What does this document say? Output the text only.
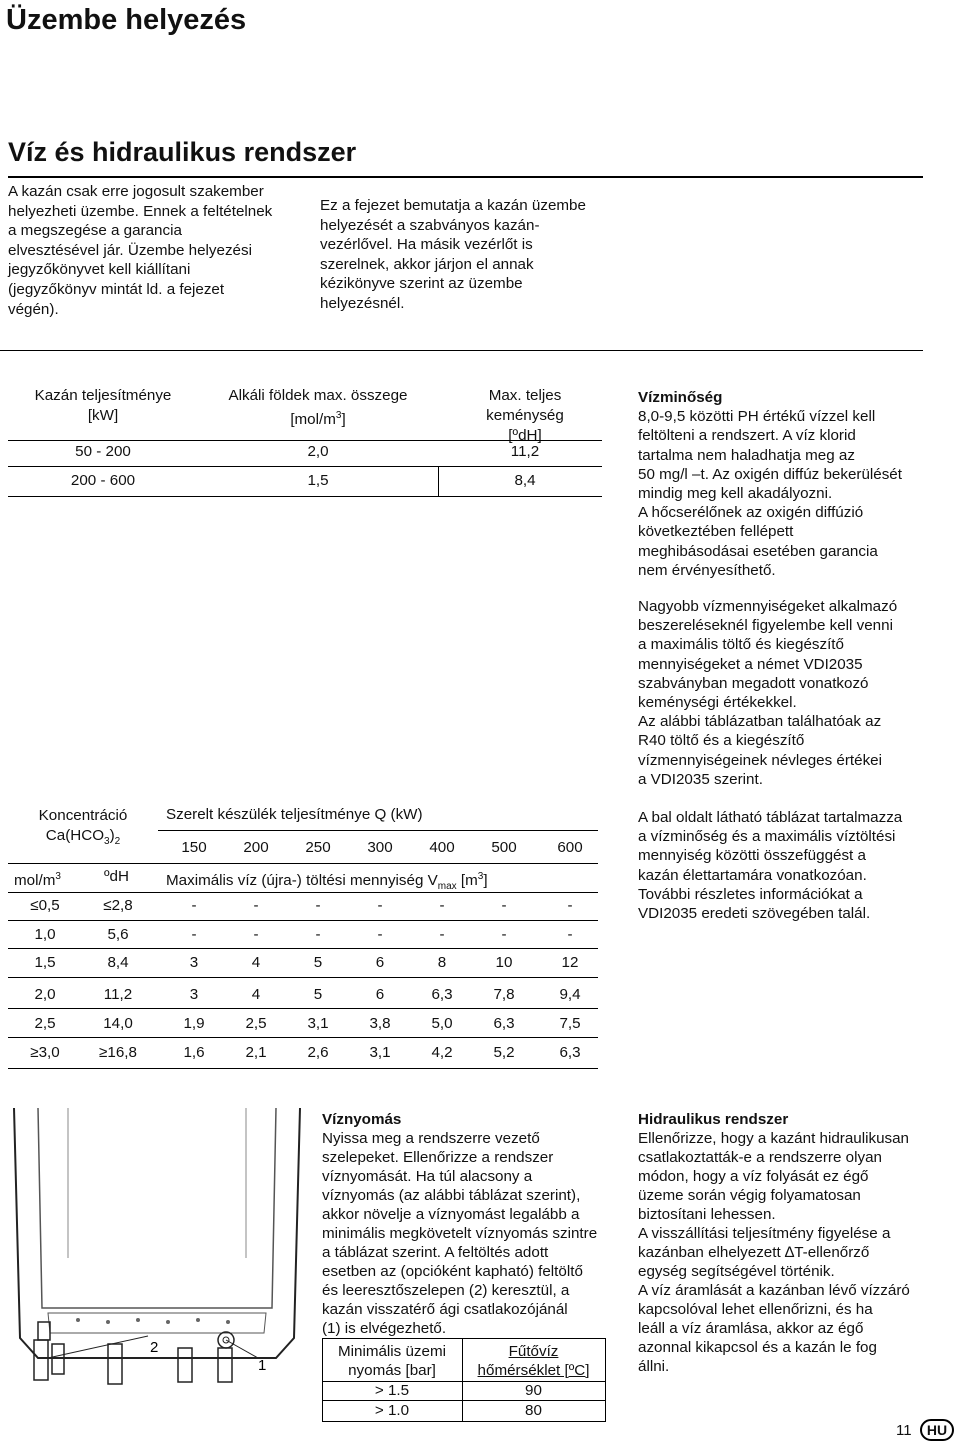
Üzembe helyezés
Víz és hidraulikus rendszer
A kazán csak erre jogosult szakember
helyezheti üzembe. Ennek a feltételnek
a megszegése a garancia
elvesztésével jár. Üzembe helyezési
jegyzőkönyvet kell kiállítani
(jegyzőkönyv mintát ld. a fejezet
végén).
Ez a fejezet bemutatja a kazán üzembe
helyezését a szabványos kazán-
vezérlővel. Ha másik vezérlőt is
szerelnek, akkor járjon el annak
kézikönyve szerint az üzembe
helyezésnél.
Kazán teljesítménye
[kW]
Alkáli földek max. összege
$[mol/m^3]$
Max. teljes
keménység
[ºdH]
50 - 200	2,0	11,2
200 - 600	1,5	8,4
Vízminőség
8,0-9,5 közötti PH értékű vízzel kell
feltölteni a rendszert. A víz klorid
tartalma nem haladhatja meg az
50 mg/l –t. Az oxigén diffúz bekerülését
mindig meg kell akadályozni.
A hőcserélőnek az oxigén diffúzió
következtében fellépett
meghibásodásai esetében garancia
nem érvényesíthető.
Nagyobb vízmennyiségeket alkalmazó
beszereléseknél figyelembe kell venni
a maximális töltő és kiegészítő
mennyiségeket a német VDI2035
szabványban megadott vonatkozó
keménységi értékekkel.
Az alábbi táblázatban találhatóak az
R40 töltő és a kiegészítő
vízmennyiségeinek névleges értékei
a VDI2035 szerint.
A bal oldalt látható táblázat tartalmazza
a vízminőség és a maximális víztöltési
mennyiség közötti összefüggést a
kazán élettartamára vonatkozóan.
További részletes információkat a
VDI2035 eredeti szövegében talál.
Koncentráció
$Ca(HCO_3)_2$
Szerelt készülék teljesítménye Q (kW)
150	200	250	300	400	500	600
mol/$m^3$	ºdH Maximális víz (újra-) töltési mennyiség $V_{max}$ $[m^3]$
≤0,5	≤2,8	-	-	-	-	-	-	-
1,0	5,6	-	-	-	-	-	-	-
1,5	8,4	3	4	5	6	8	10	12
2,0	11,2	3	4	5	6	6,3	7,8	9,4
2,5	14,0	1,9	2,5	3,1	3,8	5,0	6,3	7,5
≥3,0	≥16,8	1,6	2,1	2,6	3,1	4,2	5,2	6,3
2
1
Víznyomás
Nyissa meg a rendszerre vezető
szelepeket. Ellenőrizze a rendszer
víznyomását. Ha túl alacsony a
víznyomás (az alábbi táblázat szerint),
akkor növelje a víznyomást legalább a
minimális megkövetelt víznyomás szintre
a táblázat szerint. A feltöltés adott
esetben az (opcióként kapható) feltöltő
és leeresztőszelepen (2) keresztül, a
kazán visszatérő ági csatlakozójánál
(1) is elvégezhető.
Minimális üzemi
nyomás [bar]
Fűtővíz
hőmérséklet [ºC]
> 1.5	90
> 1.0	80
Hidraulikus rendszer
Ellenőrizze, hogy a kazánt hidraulikusan
csatlakoztatták-e a rendszerre olyan
módon, hogy a víz folyását ez égő
üzeme során végig folyamatosan
biztosítani lehessen.
A visszállítási teljesítmény figyelése a
kazánban elhelyezett ∆T-ellenőrző
egység segítségével történik.
A víz áramlását a kazánban lévő vízzáró
kapcsolóval lehet ellenőrizni, és ha
leáll a víz áramlása, akkor az égő
azonnal kikapcsol és a kazán le fog
állni.
11	HU
